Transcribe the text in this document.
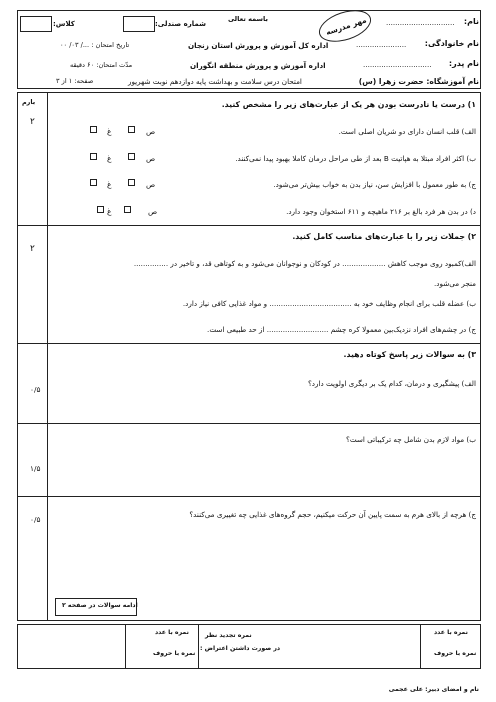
نام:
..............................
نام خانوادگی:
......................
نام پدر:
..............................
نام آموزشگاه: حضرت زهرا (س)
باسمه تعالی
اداره کل آموزش و پرورش استان زنجان
اداره آموزش و پرورش منطقه انگوران
امتحان درس سلامت و بهداشت پایه دوازدهم نوبت شهریور
شماره صندلی:
کلاس:
تاریخ امتحان : .../ ۰۳/ ۰۰
مدّت امتحان: ۶۰ دقیقه
صفحه: ۱ از ۳
مهر مدرسه
بارم
۲
۱) درست یا نادرست بودن هر یک از عبارت‌های زیر را مشخص کنید.
الف) قلب انسان دارای دو شریان اصلی است.
ب) اکثر افراد مبتلا به هپاتیت B بعد از طی مراحل درمان کاملا بهبود پیدا نمی‌کنند.
ج) به طور معمول با افزایش سن، نیاز بدن به خواب بیش‌تر می‌شود.
د) در بدن هر فرد بالغ بر ۲۱۶ ماهیچه و ۶۱۱ استخوان وجود دارد.
ص
غ
ص
غ
ص
غ
ص
غ
۲
۲) جملات زیر را با عبارت‌های مناسب کامل کنید.
الف)کمبود روی موجب کاهش ................... در کودکان و نوجوانان می‌شود و به کوتاهی قد، و تاخیر در ...............
منجر می‌شود.
ب) عضله قلب برای انجام وظایف خود به .................................... و مواد غذایی کافی نیاز دارد.
ج) در چشم‌های افراد نزدیک‌بین معمولا کره چشم ........................... از حد طبیعی است.
۳) به سوالات زیر پاسخ کوتاه دهید.
الف) پیشگیری و درمان، کدام یک بر دیگری اولویت دارد؟
۰/۵
ب) مواد لازم بدن شامل چه ترکیباتی است؟
۱/۵
ج) هرچه از بالای هرم به سمت پایین آن حرکت میکنیم، حجم گروه‌های غذایی چه تغییری می‌کنند؟
۰/۵
ادامه سوالات در صفحه ۲
نمره با عدد
نمره با حروف
نمره تجدید نظر
در صورت داشتن اعتراض :
نمره با عدد
نمره با حروف
نام و امضای دبیر: علی عجمی
